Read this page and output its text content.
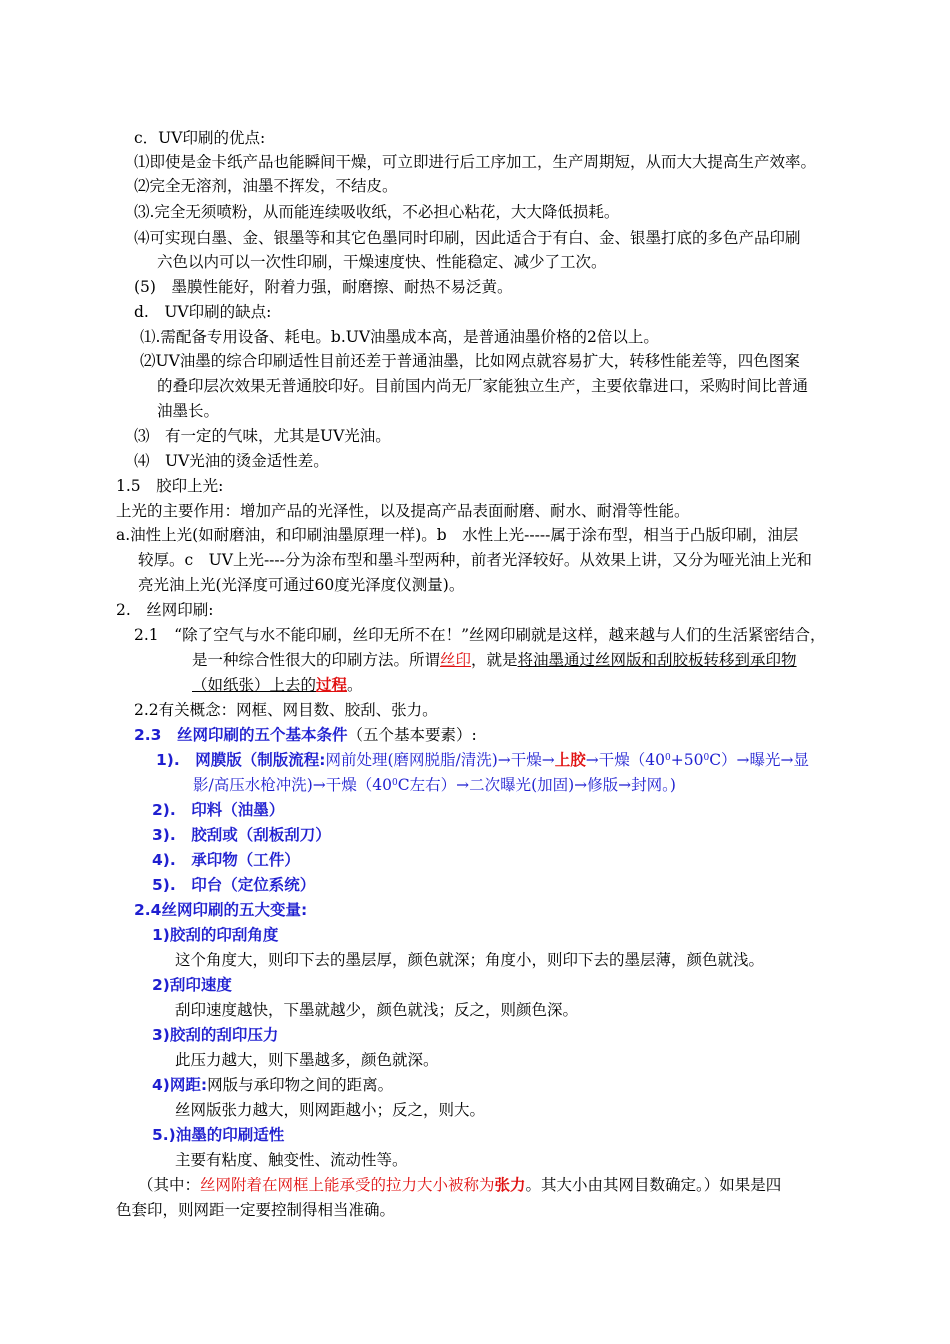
c．UV印刷的优点:
⑴即使是金卡纸产品也能瞬间干燥，可立即进行后工序加工，生产周期短，从而大大提高生产效率。
⑵完全无溶剂，油墨不挥发，不结皮。
⑶.完全无须喷粉，从而能连续吸收纸，不必担心粘花，大大降低损耗。
⑷可实现白墨、金、银墨等和其它色墨同时印刷，因此适合于有白、金、银墨打底的多色产品印刷
六色以内可以一次性印刷，干燥速度快、性能稳定、减少了工次。
(5)　墨膜性能好，附着力强，耐磨擦、耐热不易泛黄。
d.　UV印刷的缺点:
⑴.需配备专用设备、耗电。b.UV油墨成本高，是普通油墨价格的2倍以上。
⑵UV油墨的综合印刷适性目前还差于普通油墨，比如网点就容易扩大，转移性能差等，四色图案
的叠印层次效果无普通胶印好。目前国内尚无厂家能独立生产，主要依靠进口，采购时间比普通
油墨长。
⑶　有一定的气味，尤其是UV光油。
⑷　UV光油的烫金适性差。
1.5　胶印上光:
上光的主要作用：增加产品的光泽性，以及提高产品表面耐磨、耐水、耐滑等性能。
a.油性上光(如耐磨油，和印刷油墨原理一样)。b　水性上光-----属于涂布型，相当于凸版印刷，油层
较厚。c　UV上光----分为涂布型和墨斗型两种，前者光泽较好。从效果上讲，又分为哑光油上光和
亮光油上光(光泽度可通过60度光泽度仪测量)。
2.　丝网印刷:
2.1　“除了空气与水不能印刷，丝印无所不在！”丝网印刷就是这样，越来越与人们的生活紧密结合，
是一种综合性很大的印刷方法。所谓丝印，就是将油墨通过丝网版和刮胶板转移到承印物
（如纸张）上去的过程。
2.2有关概念：网框、网目数、胶刮、张力。
2.3　丝网印刷的五个基本条件（五个基本要素）:
1).　网膜版（制版流程:网前处理(磨网脱脂/清洗)→干燥→上胶→干燥$(40^0+50^0C)\to$曝光→显
影/高压水枪冲洗)→干燥（$40^0C$左右）→二次曝光(加固)→修版→封网。)
2).　印料（油墨）
3).　胶刮或（刮板刮刀）
4).　承印物（工件）
5).　印台（定位系统）
2.4丝网印刷的五大变量:
1)胶刮的印刮角度
这个角度大，则印下去的墨层厚，颜色就深；角度小，则印下去的墨层薄，颜色就浅。
2)刮印速度
刮印速度越快，下墨就越少，颜色就浅；反之，则颜色深。
3)胶刮的刮印压力
此压力越大，则下墨越多，颜色就深。
4)网距:网版与承印物之间的距离。
丝网版张力越大，则网距越小；反之，则大。
5.)油墨的印刷适性
主要有粘度、触变性、流动性等。
（其中：丝网附着在网框上能承受的拉力大小被称为张力。其大小由其网目数确定。）如果是四
色套印，则网距一定要控制得相当准确。
